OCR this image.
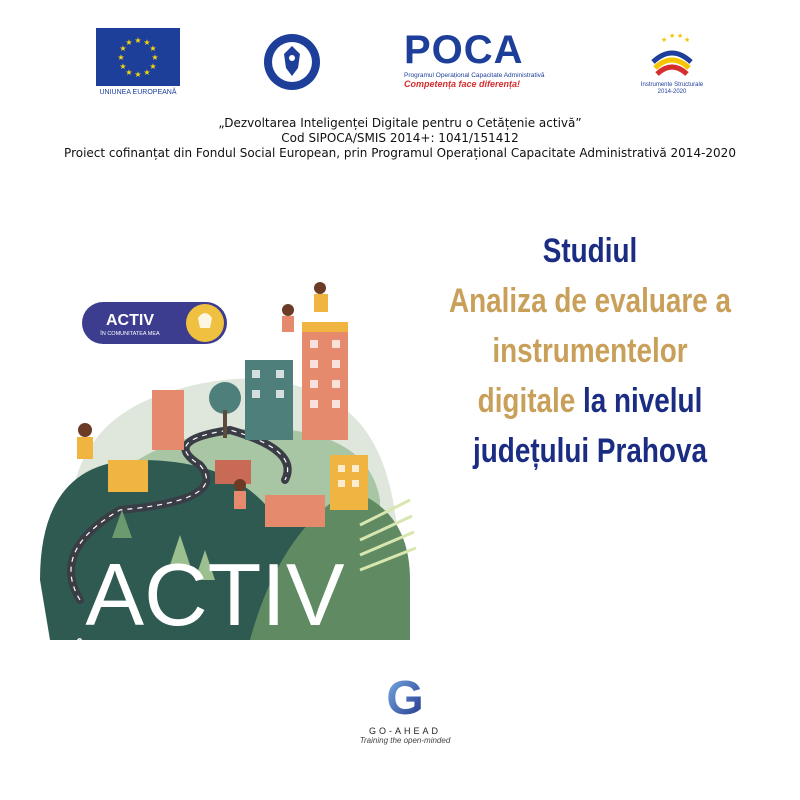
★ ★
★
★
★
★
★
★
★
★
★
★
UNIUNEA EUROPEANĂ
POCA
Programul Operațional Capacitate Administrativă
Competența face diferența!
★ ★ ★ ★
Instrumente Structurale
2014-2020
„Dezvoltarea Inteligenței Digitale pentru o Cetățenie activă”
Cod SIPOCA/SMIS 2014+: 1041/151412
Proiect cofinanțat din Fondul Social European, prin Programul Operațional Capacitate Administrativă 2014-2020
Studiul
Analiza de evaluare a
instrumentelor
digitale la nivelul
județului Prahova
ACTIV
ÎN COMUNITATEA MEA
ACTIV
ÎN COMUNITATEA MEA
G
GO-AHEAD
Training the open-minded
